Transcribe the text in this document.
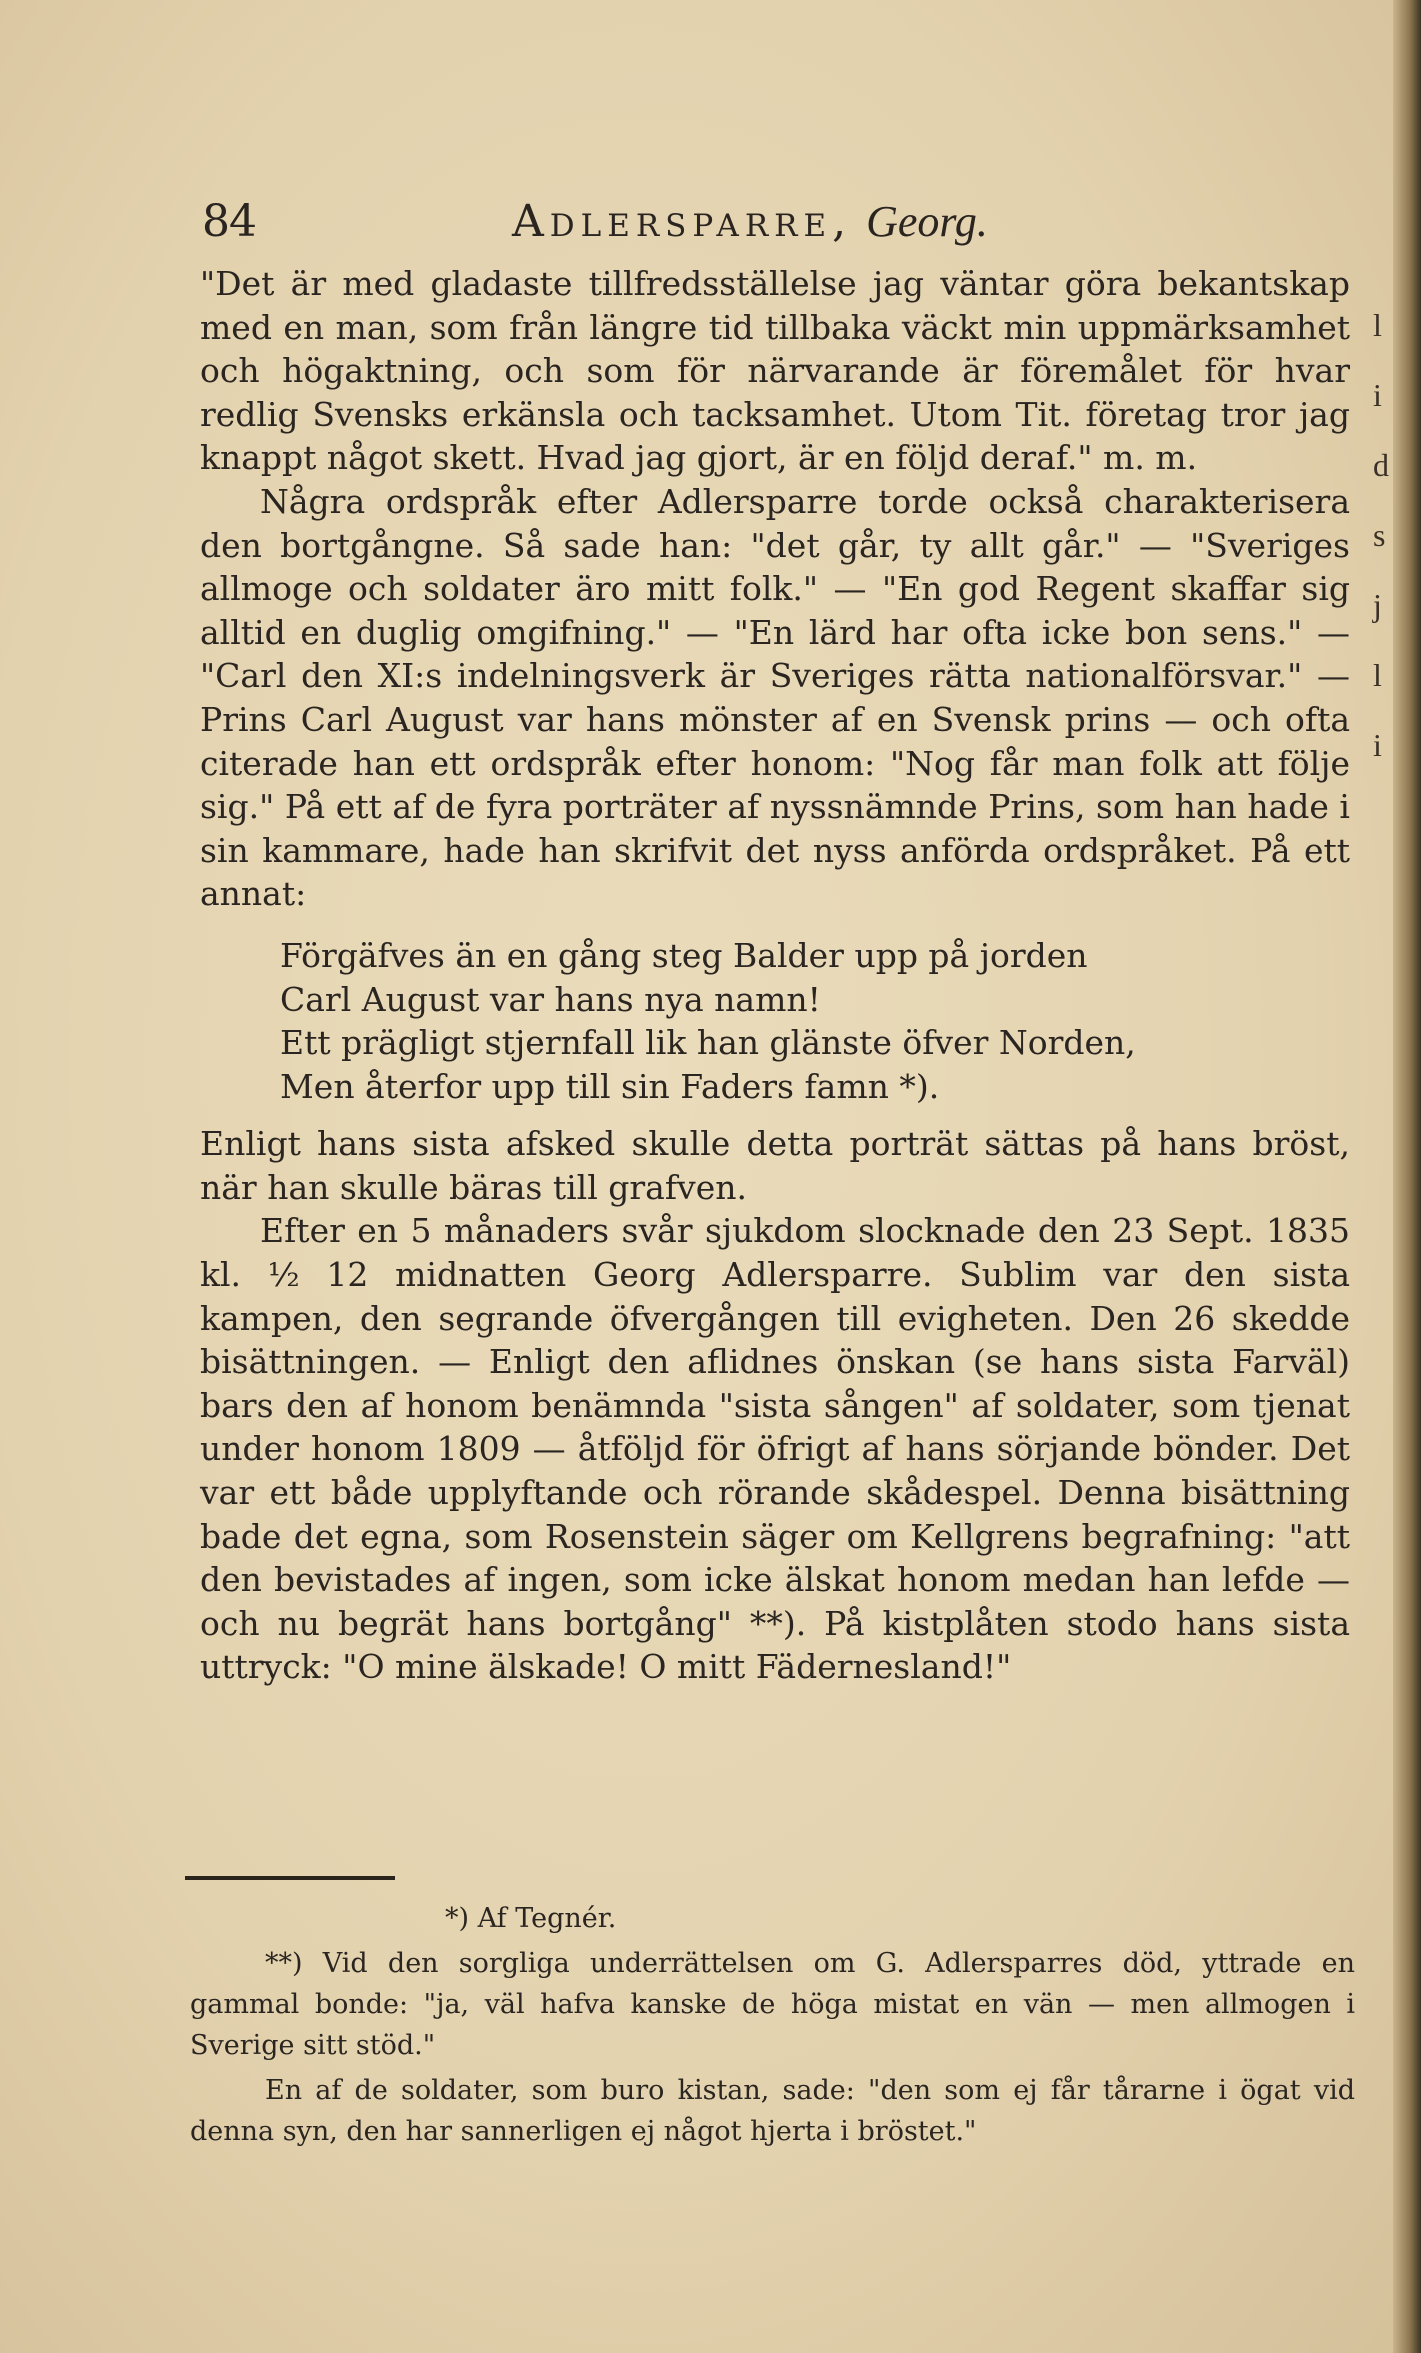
l
i
d
s
j
l
i
84	Adlersparre, Georg.

"Det är med gladaste tillfredsställelse jag väntar göra bekantskap med en man, som från längre tid tillbaka väckt min uppmärksamhet och högaktning, och som för närvarande är föremålet för hvar redlig Svensks erkänsla och tacksamhet. Utom Tit. företag tror jag knappt något skett. Hvad jag gjort, är en följd deraf." m. m.

Några ordspråk efter Adlersparre torde också charakterisera den bortgångne. Så sade han: "det går, ty allt går." — "Sveriges allmoge och soldater äro mitt folk." — "En god Regent skaffar sig alltid en duglig omgifning." — "En lärd har ofta icke bon sens." — "Carl den XI:s indelningsverk är Sveriges rätta nationalförsvar." — Prins Carl August var hans mönster af en Svensk prins — och ofta citerade han ett ordspråk efter honom: "Nog får man folk att följe sig." På ett af de fyra porträter af nyssnämnde Prins, som han hade i sin kammare, hade han skrifvit det nyss anförda ordspråket. På ett annat:

Förgäfves än en gång steg Balder upp på jorden
Carl August var hans nya namn!
Ett prägligt stjernfall lik han glänste öfver Norden,
Men återfor upp till sin Faders famn *).

Enligt hans sista afsked skulle detta porträt sättas på hans bröst, när han skulle bäras till grafven.

Efter en 5 månaders svår sjukdom slocknade den 23 Sept. 1835 kl. ½ 12 midnatten Georg Adlersparre. Sublim var den sista kampen, den segrande öfvergången till evigheten. Den 26 skedde bisättningen. — Enligt den aflidnes önskan (se hans sista Farväl) bars den af honom benämnda "sista sången" af soldater, som tjenat under honom 1809 — åtföljd för öfrigt af hans sörjande bönder. Det var ett både upplyftande och rörande skådespel. Denna bisättning bade det egna, som Rosenstein säger om Kellgrens begrafning: "att den bevistades af ingen, som icke älskat honom medan han lefde — och nu begrät hans bortgång" **). På kistplåten stodo hans sista uttryck: "O mine älskade! O mitt Fädernesland!"

*) Af Tegnér.

**) Vid den sorgliga underrättelsen om G. Adlersparres död, yttrade en gammal bonde: "ja, väl hafva kanske de höga mistat en vän — men allmogen i Sverige sitt stöd."

En af de soldater, som buro kistan, sade: "den som ej får tårarne i ögat vid denna syn, den har sannerligen ej något hjerta i bröstet."
